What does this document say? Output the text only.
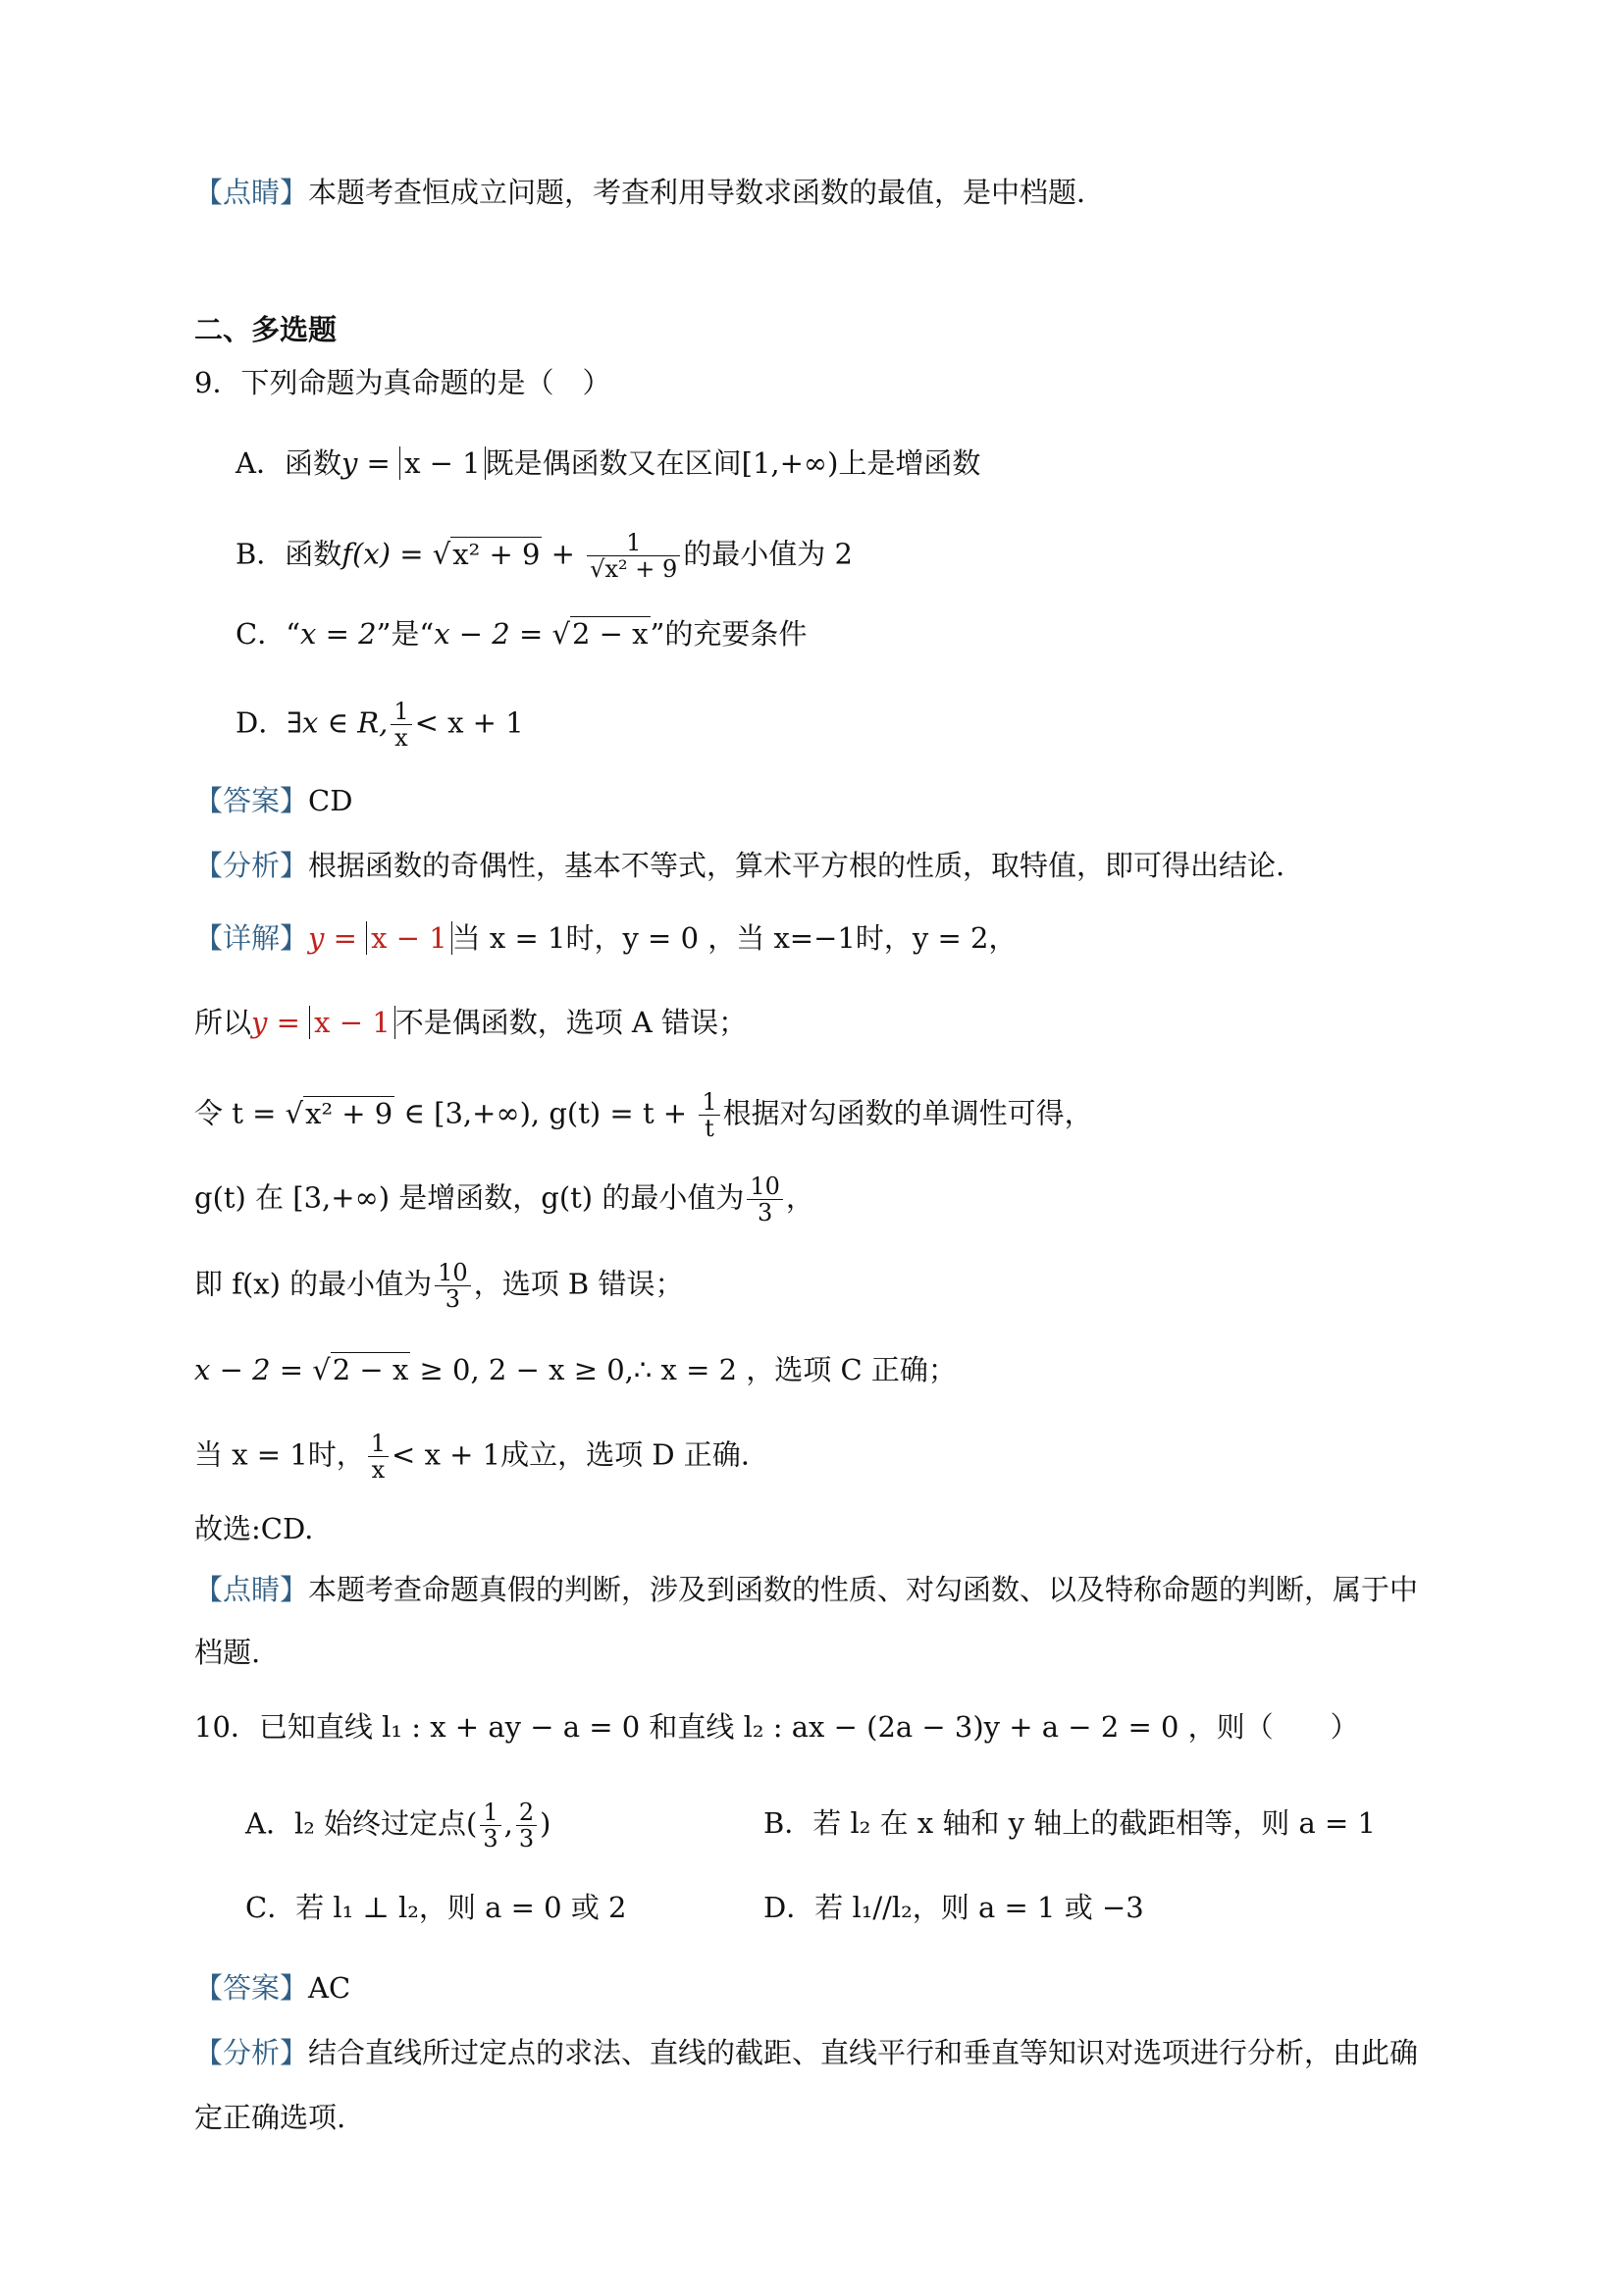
【点睛】本题考查恒成立问题，考查利用导数求函数的最值，是中档题．
二、多选题
9．下列命题为真命题的是（　）
A．函数y = x − 1 既是偶函数又在区间[1,+∞)上是增函数
B．函数$f(x) = √x^2 + 9 + \frac{1}{\text{√x² + 9}}$ 的最小值为 2
C．“x = 2”是“x − 2 = √2 − x”的充要条件
D．∃x ∈ R, $\frac{1}{x} < x + 1$
【答案】CD
【分析】根据函数的奇偶性，基本不等式，算术平方根的性质，取特值，即可得出结论.
【详解】y = x − 1 当 x = 1时，y = 0 ，当 x=−1时，y = 2，
所以y = x − 1 不是偶函数，选项 A 错误；
令 t = √x² + 9 ∈ [3,+∞), $g(t) = t + \frac{1}{t}$ 根据对勾函数的单调性可得，
g(t) 在 [3,+∞) 是增函数，g(t) 的最小值为 $\frac{10}{3}$ ，
即 f(x) 的最小值为 $\frac{10}{3}$ ，选项 B 错误；
x − 2 = √2 − x ≥ 0, 2 − x ≥ 0,∴ x = 2 ，选项 C 正确；
当 x = 1时， $\frac{1}{x} < x + 1$成立，选项 D 正确.
故选:CD.
【点睛】本题考查命题真假的判断，涉及到函数的性质、对勾函数、以及特称命题的判断，属于中
档题.
10．已知直线 l₁ : x + ay − a = 0 和直线 l₂ : ax − (2a − 3)y + a − 2 = 0 ，则（　　）
A．l₂ 始终过定点( $\frac{1}{3}$ , $\frac{2}{3}$ )	B．若 l₂ 在 x 轴和 y 轴上的截距相等，则 a = 1
C．若 l₁ ⊥ l₂，则 a = 0 或 2	D．若 l₁//l₂，则 a = 1 或 −3
【答案】AC
【分析】结合直线所过定点的求法、直线的截距、直线平行和垂直等知识对选项进行分析，由此确
定正确选项.
